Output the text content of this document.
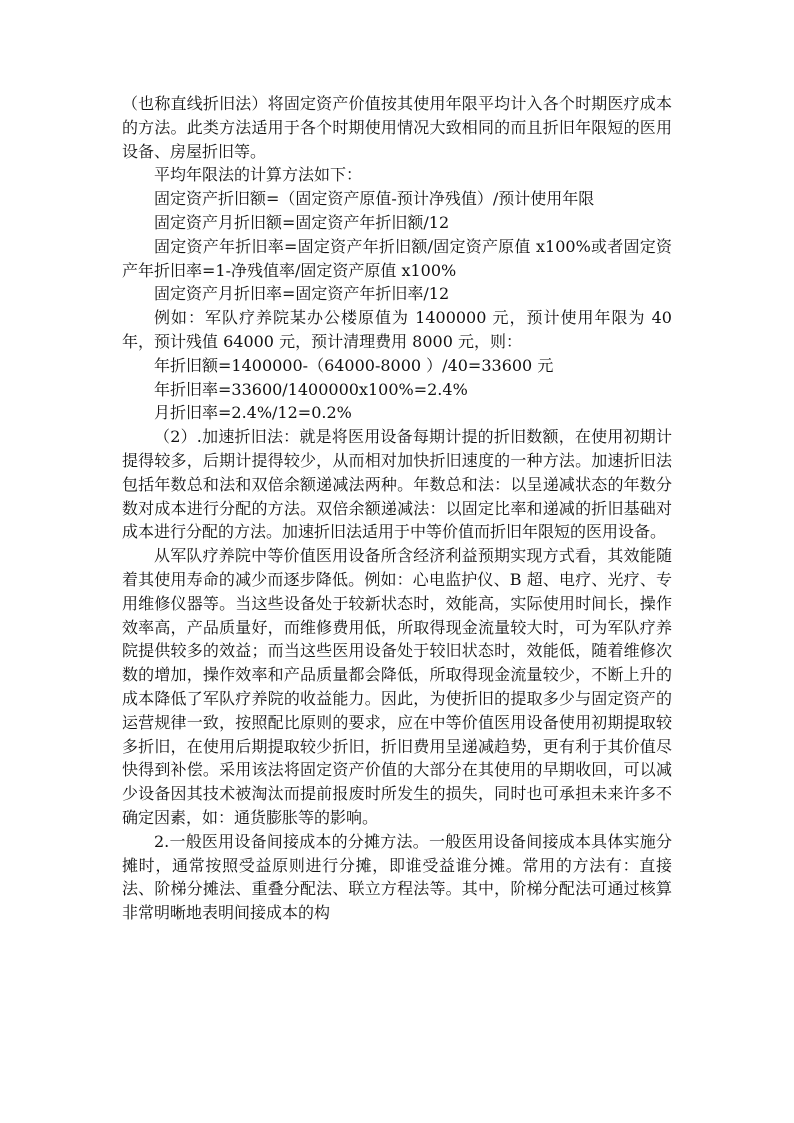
（也称直线折旧法）将固定资产价值按其使用年限平均计入各个时期医疗成本的方法。此类方法适用于各个时期使用情况大致相同的而且折旧年限短的医用设备、房屋折旧等。

平均年限法的计算方法如下：

固定资产折旧额=（固定资产原值-预计净残值）/预计使用年限

固定资产月折旧额=固定资产年折旧额/12

固定资产年折旧率=固定资产年折旧额/固定资产原值 x100%或者固定资产年折旧率=1-净残值率/固定资产原值 x100%

固定资产月折旧率=固定资产年折旧率/12

例如：军队疗养院某办公楼原值为 1400000 元，预计使用年限为 40 年，预计残值 64000 元，预计清理费用 8000 元，则：

年折旧额=1400000-（64000-8000 ）/40=33600 元

年折旧率=33600/1400000x100%=2.4%

月折旧率=2.4%/12=0.2%

（2）.加速折旧法：就是将医用设备每期计提的折旧数额，在使用初期计提得较多，后期计提得较少，从而相对加快折旧速度的一种方法。加速折旧法包括年数总和法和双倍余额递减法两种。年数总和法：以呈递减状态的年数分数对成本进行分配的方法。双倍余额递减法：以固定比率和递减的折旧基础对成本进行分配的方法。加速折旧法适用于中等价值而折旧年限短的医用设备。

从军队疗养院中等价值医用设备所含经济利益预期实现方式看，其效能随着其使用寿命的减少而逐步降低。例如：心电监护仪、B 超、电疗、光疗、专用维修仪器等。当这些设备处于较新状态时，效能高，实际使用时间长，操作效率高，产品质量好，而维修费用低，所取得现金流量较大时，可为军队疗养院提供较多的效益；而当这些医用设备处于较旧状态时，效能低，随着维修次数的增加，操作效率和产品质量都会降低，所取得现金流量较少，不断上升的成本降低了军队疗养院的收益能力。因此，为使折旧的提取多少与固定资产的运营规律一致，按照配比原则的要求，应在中等价值医用设备使用初期提取较多折旧，在使用后期提取较少折旧，折旧费用呈递减趋势，更有利于其价值尽快得到补偿。采用该法将固定资产价值的大部分在其使用的早期收回，可以减少设备因其技术被淘汰而提前报废时所发生的损失，同时也可承担未来许多不确定因素，如：通货膨胀等的影响。

2.一般医用设备间接成本的分摊方法。一般医用设备间接成本具体实施分摊时，通常按照受益原则进行分摊，即谁受益谁分摊。常用的方法有：直接法、阶梯分摊法、重叠分配法、联立方程法等。其中，阶梯分配法可通过核算非常明晰地表明间接成本的构
